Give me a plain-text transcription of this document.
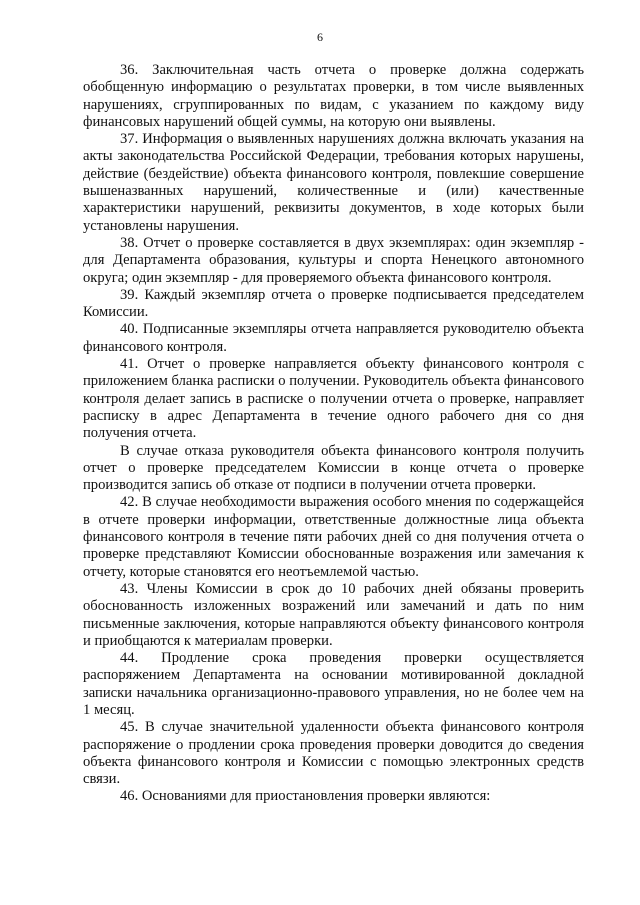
6

36. Заключительная часть отчета о проверке должна содержать обобщенную информацию о результатах проверки, в том числе выявленных нарушениях, сгруппированных по видам, с указанием по каждому виду финансовых нарушений общей суммы, на которую они выявлены.

37. Информация о выявленных нарушениях должна включать указания на акты законодательства Российской Федерации, требования которых нарушены, действие (бездействие) объекта финансового контроля, повлекшие совершение вышеназванных нарушений, количественные и (или) качественные характеристики нарушений, реквизиты документов, в ходе которых были установлены нарушения.

38. Отчет о проверке составляется в двух экземплярах: один экземпляр - для Департамента образования, культуры и спорта Ненецкого автономного округа; один экземпляр - для проверяемого объекта финансового контроля.

39. Каждый экземпляр отчета о проверке подписывается председателем Комиссии.

40. Подписанные экземпляры отчета направляется руководителю объекта финансового контроля.

41. Отчет о проверке направляется объекту финансового контроля с приложением бланка расписки о получении. Руководитель объекта финансового контроля делает запись в расписке о получении отчета о проверке, направляет расписку в адрес Департамента в течение одного рабочего дня со дня получения отчета.

В случае отказа руководителя объекта финансового контроля получить отчет о проверке председателем Комиссии в конце отчета о проверке производится запись об отказе от подписи в получении отчета проверки.

42. В случае необходимости выражения особого мнения по содержащейся в отчете проверки информации, ответственные должностные лица объекта финансового контроля в течение пяти рабочих дней со дня получения отчета о проверке представляют Комиссии обоснованные возражения или замечания к отчету, которые становятся его неотъемлемой частью.

43. Члены Комиссии в срок до 10 рабочих дней обязаны проверить обоснованность изложенных возражений или замечаний и дать по ним письменные заключения, которые направляются объекту финансового контроля и приобщаются к материалам проверки.

44. Продление срока проведения проверки осуществляется распоряжением Департамента на основании мотивированной докладной записки начальника организационно-правового управления, но не более чем на 1 месяц.

45. В случае значительной удаленности объекта финансового контроля распоряжение о продлении срока проведения проверки доводится до сведения объекта финансового контроля и Комиссии с помощью электронных средств связи.

46. Основаниями для приостановления проверки являются:
